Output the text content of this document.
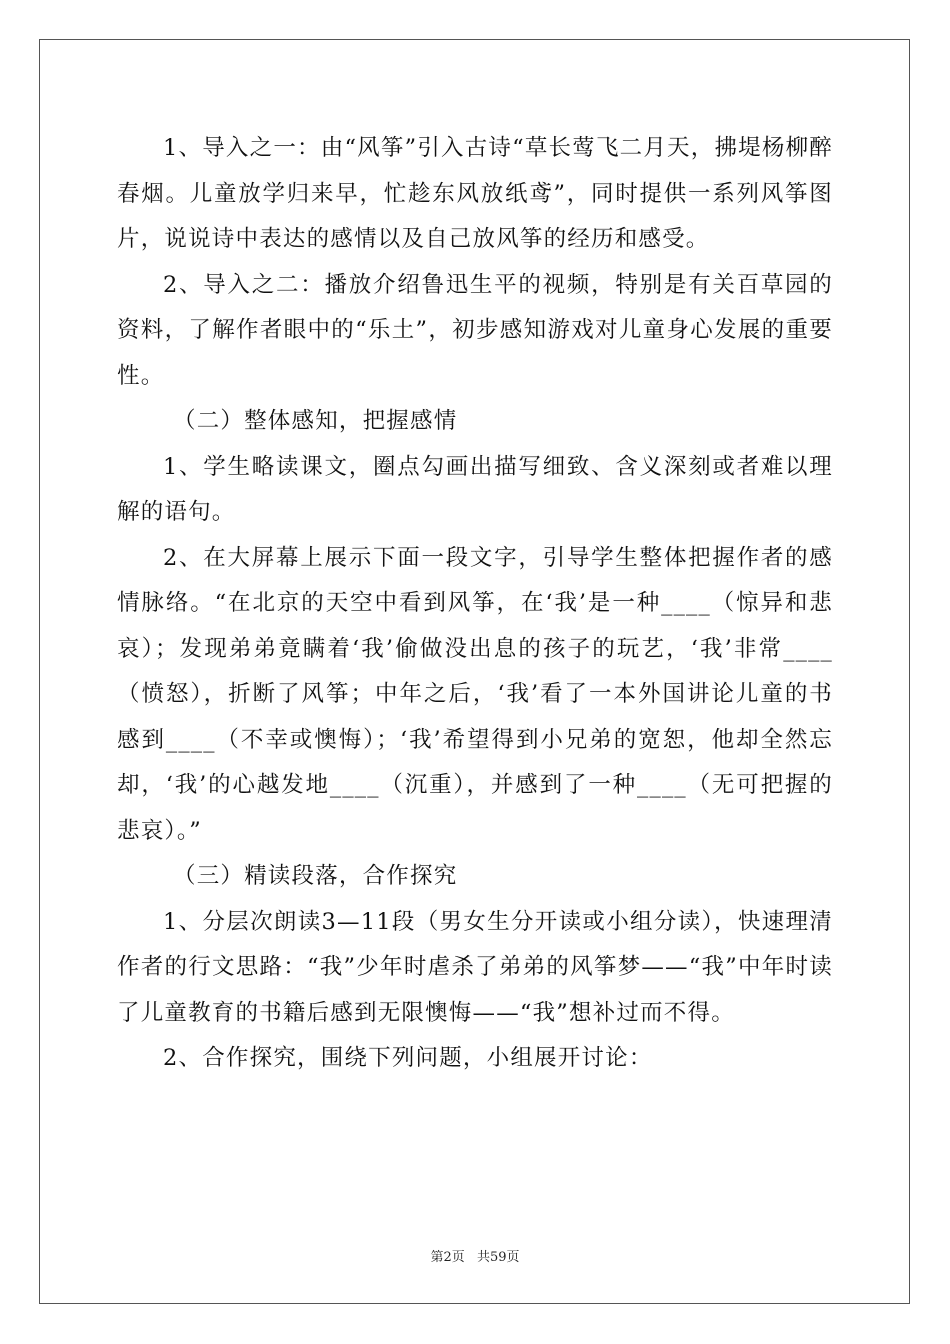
1、导入之一：由“风筝”引入古诗“草长莺飞二月天，拂堤杨柳醉春烟。儿童放学归来早，忙趁东风放纸鸢”，同时提供一系列风筝图片，说说诗中表达的感情以及自己放风筝的经历和感受。

2、导入之二：播放介绍鲁迅生平的视频，特别是有关百草园的资料，了解作者眼中的“乐土”，初步感知游戏对儿童身心发展的重要性。

（二）整体感知，把握感情

1、学生略读课文，圈点勾画出描写细致、含义深刻或者难以理解的语句。

2、在大屏幕上展示下面一段文字，引导学生整体把握作者的感情脉络。“在北京的天空中看到风筝，在‘我’是一种____（惊异和悲哀）；发现弟弟竟瞒着‘我’偷做没出息的孩子的玩艺，‘我’非常____（愤怒），折断了风筝；中年之后，‘我’看了一本外国讲论儿童的书感到____（不幸或懊悔）；‘我’希望得到小兄弟的宽恕，他却全然忘却，‘我’的心越发地____（沉重），并感到了一种____（无可把握的悲哀）。”

（三）精读段落，合作探究

1、分层次朗读3—11段（男女生分开读或小组分读），快速理清作者的行文思路：“我”少年时虐杀了弟弟的风筝梦——“我”中年时读了儿童教育的书籍后感到无限懊悔——“我”想补过而不得。

2、合作探究，围绕下列问题，小组展开讨论：

第2页 共59页
